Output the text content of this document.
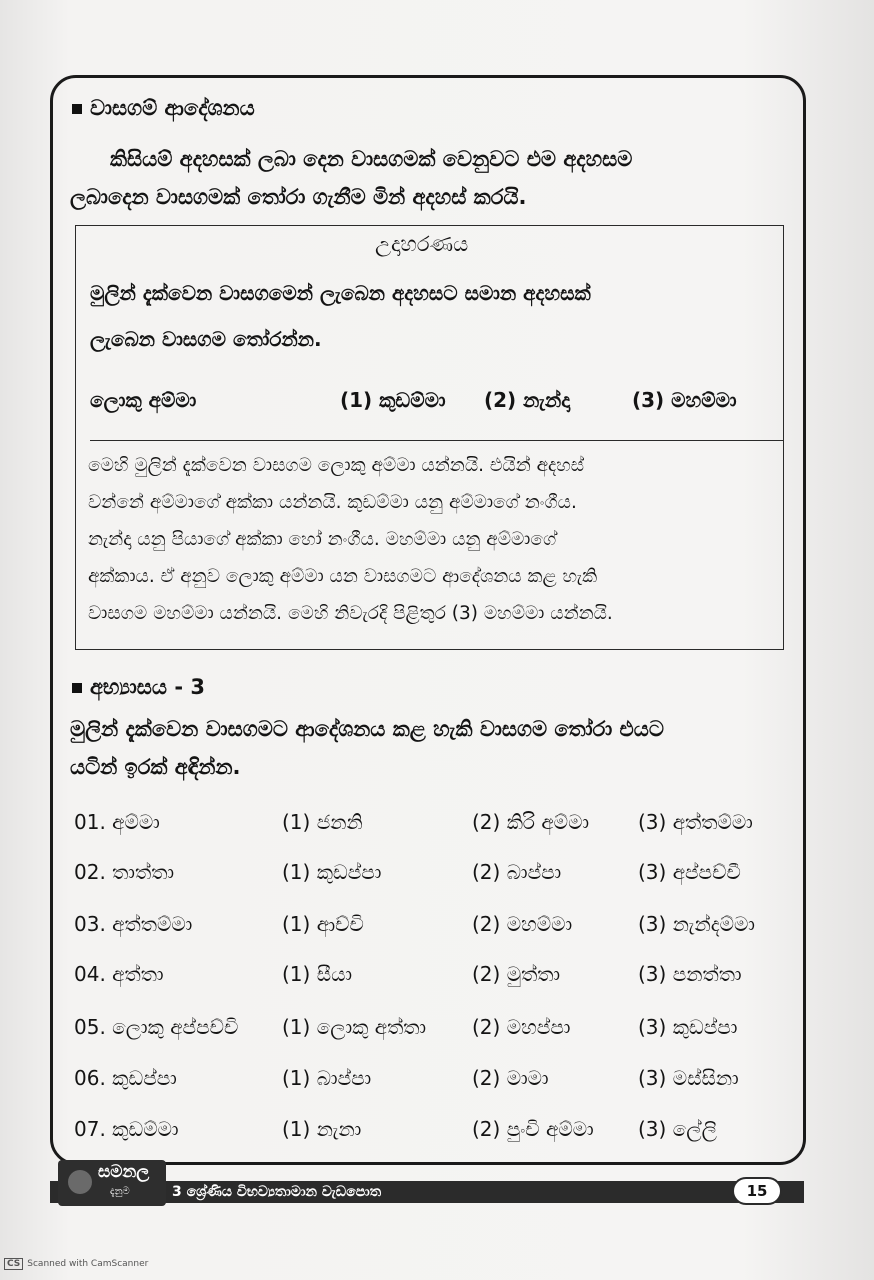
වාසගම් ආදේශනය
කිසියම් අදහසක් ලබා දෙන වාසගමක් වෙනුවට එම අදහසම
ලබාදෙන වාසගමක් තෝරා ගැනීම මින් අදහස් කරයි.
උදාහරණය
මුලින් දැක්වෙන වාසගමෙන් ලැබෙන අදහසට සමාන අදහසක්
ලැබෙන වාසගම තෝරන්න.
ලොකු අම්මා	(1) කුඩම්මා (2) නැන්දා	(3) මහම්මා
මෙහි මුලින් දැක්වෙන වාසගම ලොකු අම්මා යන්නයි. එයින් අදහස්
වන්නේ අම්මාගේ අක්කා යන්නයි. කුඩම්මා යනු අම්මාගේ නංගීය.
නැන්දා යනු පියාගේ අක්කා හෝ නංගීය. මහම්මා යනු අම්මාගේ
අක්කාය. ඒ අනුව ලොකු අම්මා යන වාසගමට ආදේශනය කළ හැකි
වාසගම මහම්මා යන්නයි. මෙහි නිවැරදි පිළිතුර (3) මහම්මා යන්නයි.
අභ්‍යාසය - 3
මුලින් දැක්වෙන වාසගමට ආදේශනය කළ හැකි වාසගම තෝරා එයට
යටින් ඉරක් අඳින්න.
01. අම්මා	(1) ජනනි	(2) කිරි අම්මා (3) අත්තම්මා
02. තාත්තා	(1) කුඩප්පා	(2) බාප්පා	(3) අප්පච්චී
03. අත්තම්මා	(1) ආච්චි	(2) මහම්මා	(3) නැන්දම්මා
04. අත්තා	(1) සීයා	(2) මුත්තා	(3) පනත්තා
05. ලොකු අප්පච්චි (1) ලොකු අත්තා (2) මහප්පා	(3) කුඩප්පා
06. කුඩප්පා	(1) බාප්පා	(2) මාමා	(3) මස්සිනා
07. කුඩම්මා	(1) නැනා	(2) පුංචි අම්මා (3) ලේලි
සමනල
දැනුම	3 ශ්‍රේණිය විභව්‍යතාමාන වැඩපොත	15
CS Scanned with CamScanner
